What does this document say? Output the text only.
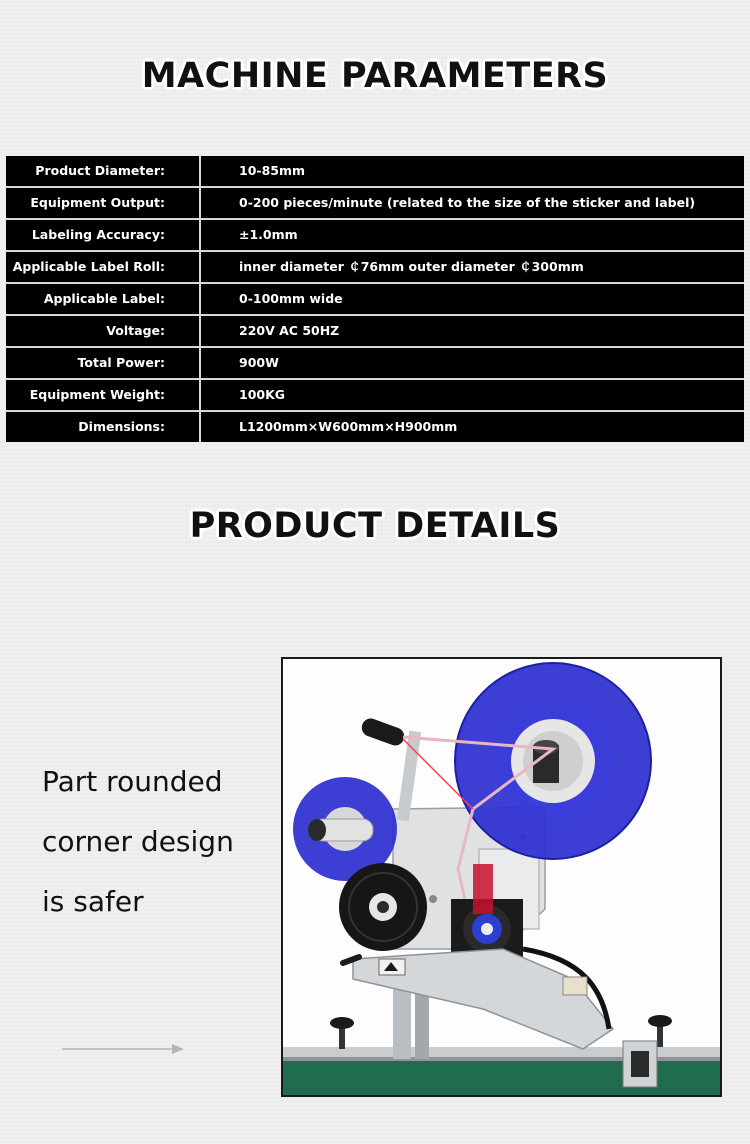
MACHINE PARAMETERS
Product Diameter:	10-85mm
Equipment Output:	0-200 pieces/minute (related to the size of the sticker and label)
Labeling Accuracy:	±1.0mm
Applicable Label Roll:	inner diameter ￠76mm outer diameter ￠300mm
Applicable Label:	0-100mm wide
Voltage:	220V AC 50HZ
Total Power:	900W
Equipment Weight:	100KG
Dimensions:	L1200mm×W600mm×H900mm
PRODUCT DETAILS
Part rounded
corner design
is safer
